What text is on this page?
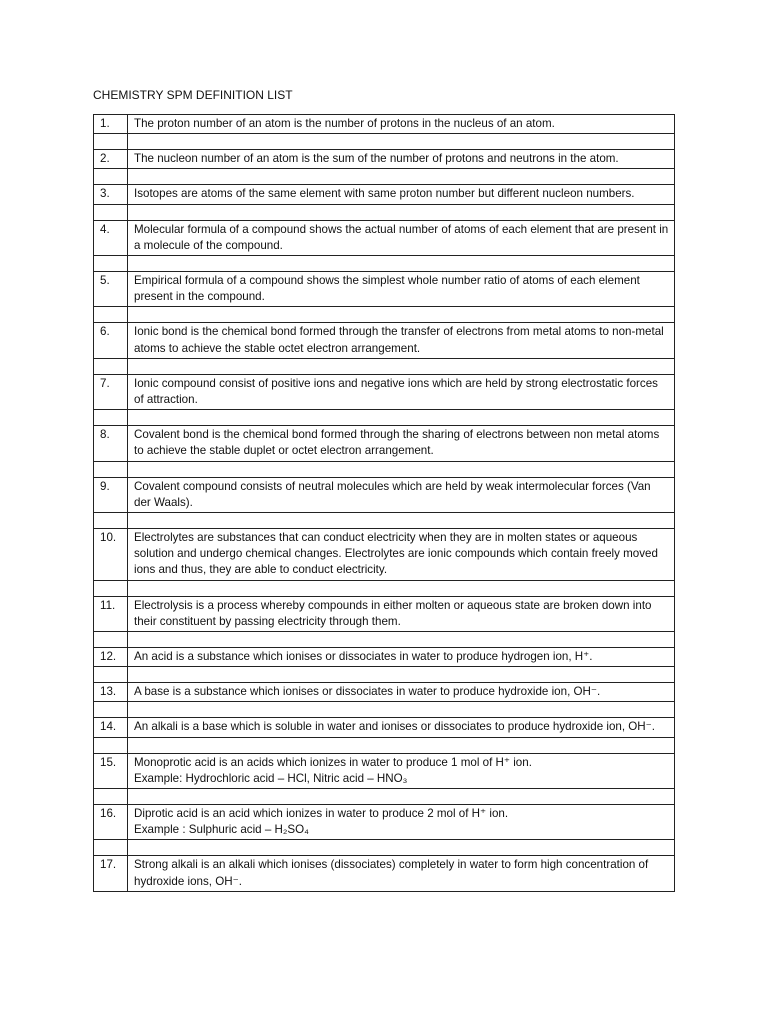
CHEMISTRY SPM DEFINITION LIST
1.	The proton number of an atom is the number of protons in the nucleus of an atom.

2.	The nucleon number of an atom is the sum of the number of protons and neutrons in the atom.

3.	Isotopes are atoms of the same element with same proton number but different nucleon numbers.

4.	Molecular formula of a compound shows the actual number of atoms of each element that are present in a molecule of the compound.

5.	Empirical formula of a compound shows the simplest whole number ratio of atoms of each element present in the compound.

6.	Ionic bond is the chemical bond formed through the transfer of electrons from metal atoms to non-metal atoms to achieve the stable octet electron arrangement.

7.	Ionic compound consist of positive ions and negative ions which are held by strong electrostatic forces of attraction.

8.	Covalent bond is the chemical bond formed through the sharing of electrons between non metal atoms to achieve the stable duplet or octet electron arrangement.

9.	Covalent compound consists of neutral molecules which are held by weak intermolecular forces (Van der Waals).

10.	Electrolytes are substances that can conduct electricity when they are in molten states or aqueous solution and undergo chemical changes. Electrolytes are ionic compounds which contain freely moved ions and thus, they are able to conduct electricity.

11.	Electrolysis is a process whereby compounds in either molten or aqueous state are broken down into their constituent by passing electricity through them.

12.	An acid is a substance which ionises or dissociates in water to produce hydrogen ion, H⁺.

13.	A base is a substance which ionises or dissociates in water to produce hydroxide ion, OH⁻.

14.	An alkali is a base which is soluble in water and ionises or dissociates to produce hydroxide ion, OH⁻.

15.	Monoprotic acid is an acids which ionizes in water to produce 1 mol of H⁺ ion.
Example: Hydrochloric acid – HCl, Nitric acid – HNO₃

16.	Diprotic acid is an acid which ionizes in water to produce 2 mol of H⁺ ion.
Example : Sulphuric acid – H₂SO₄

17.	Strong alkali is an alkali which ionises (dissociates) completely in water to form high concentration of hydroxide ions, OH⁻.
